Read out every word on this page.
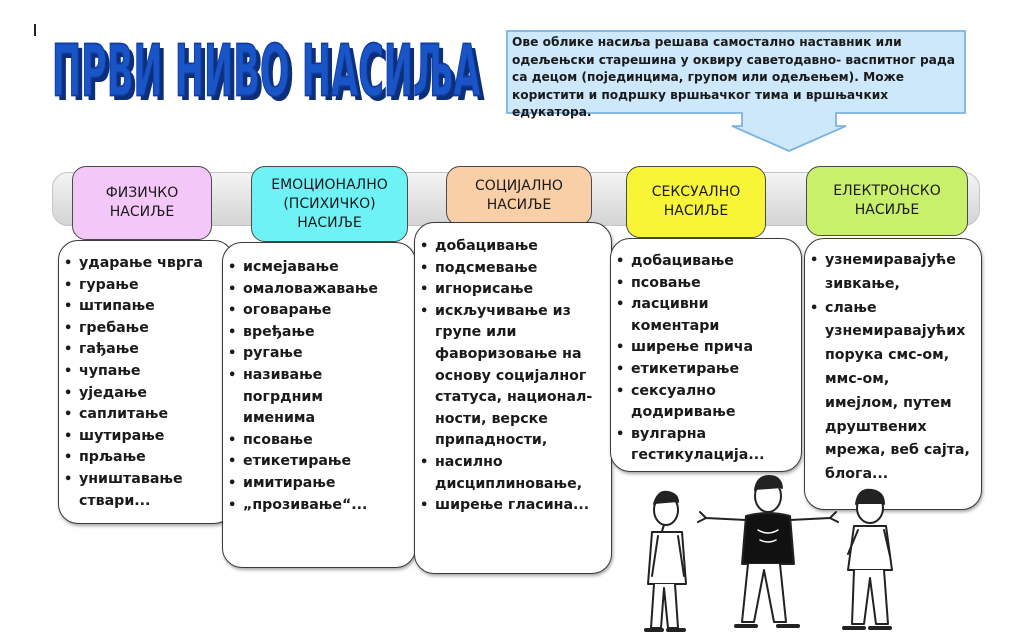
ПРВИ НИВО НАСИЉА
ПРВИ НИВО НАСИЉА	Ове облике насиља решава самостално наставник или одељењски старешина у оквиру саветодавно- васпитног рада са децом (појединцима, групом или одељењем). Може користити и подршку вршњачког тима и вршњачких едукатора.
ФИЗИЧКО
НАСИЉЕ
ЕМОЦИОНАЛНО
(ПСИХИЧКО)
НАСИЉЕ
СОЦИЈАЛНО
НАСИЉЕ
СЕКСУАЛНО
НАСИЉЕ
ЕЛЕКТРОНСКО
НАСИЉЕ
• ударање чврга
• гурање
• штипање
• гребање
• гађање
• чупање
• уједање
• саплитање
• шутирање
• прљање
• уништавање
ствари...
• исмејавање
• омаловажавање
• оговарање
• вређање
• ругање
• називање
погрдним
именима
• псовање
• етикетирање
• имитирање
• „прозивање“...
• добацивање
• подсмевање
• игнорисање
• искључивање из
групе или
фаворизовање на
основу социјалног
статуса, национал-
ности, верске
припадности,
• насилно
дисциплиновање,
• ширење гласина...
• добацивање
• псовање
• ласцивни
коментари
• ширење прича
• етикетирање
• сексуално
додиривање
• вулгарна
гестикулација...
• узнемиравајуће
зивкање,
• слање
узнемиравајућих
порука смс-ом,
ммс-ом,
имејлом, путем
друштвених
мрежа, веб сајта,
блога...
